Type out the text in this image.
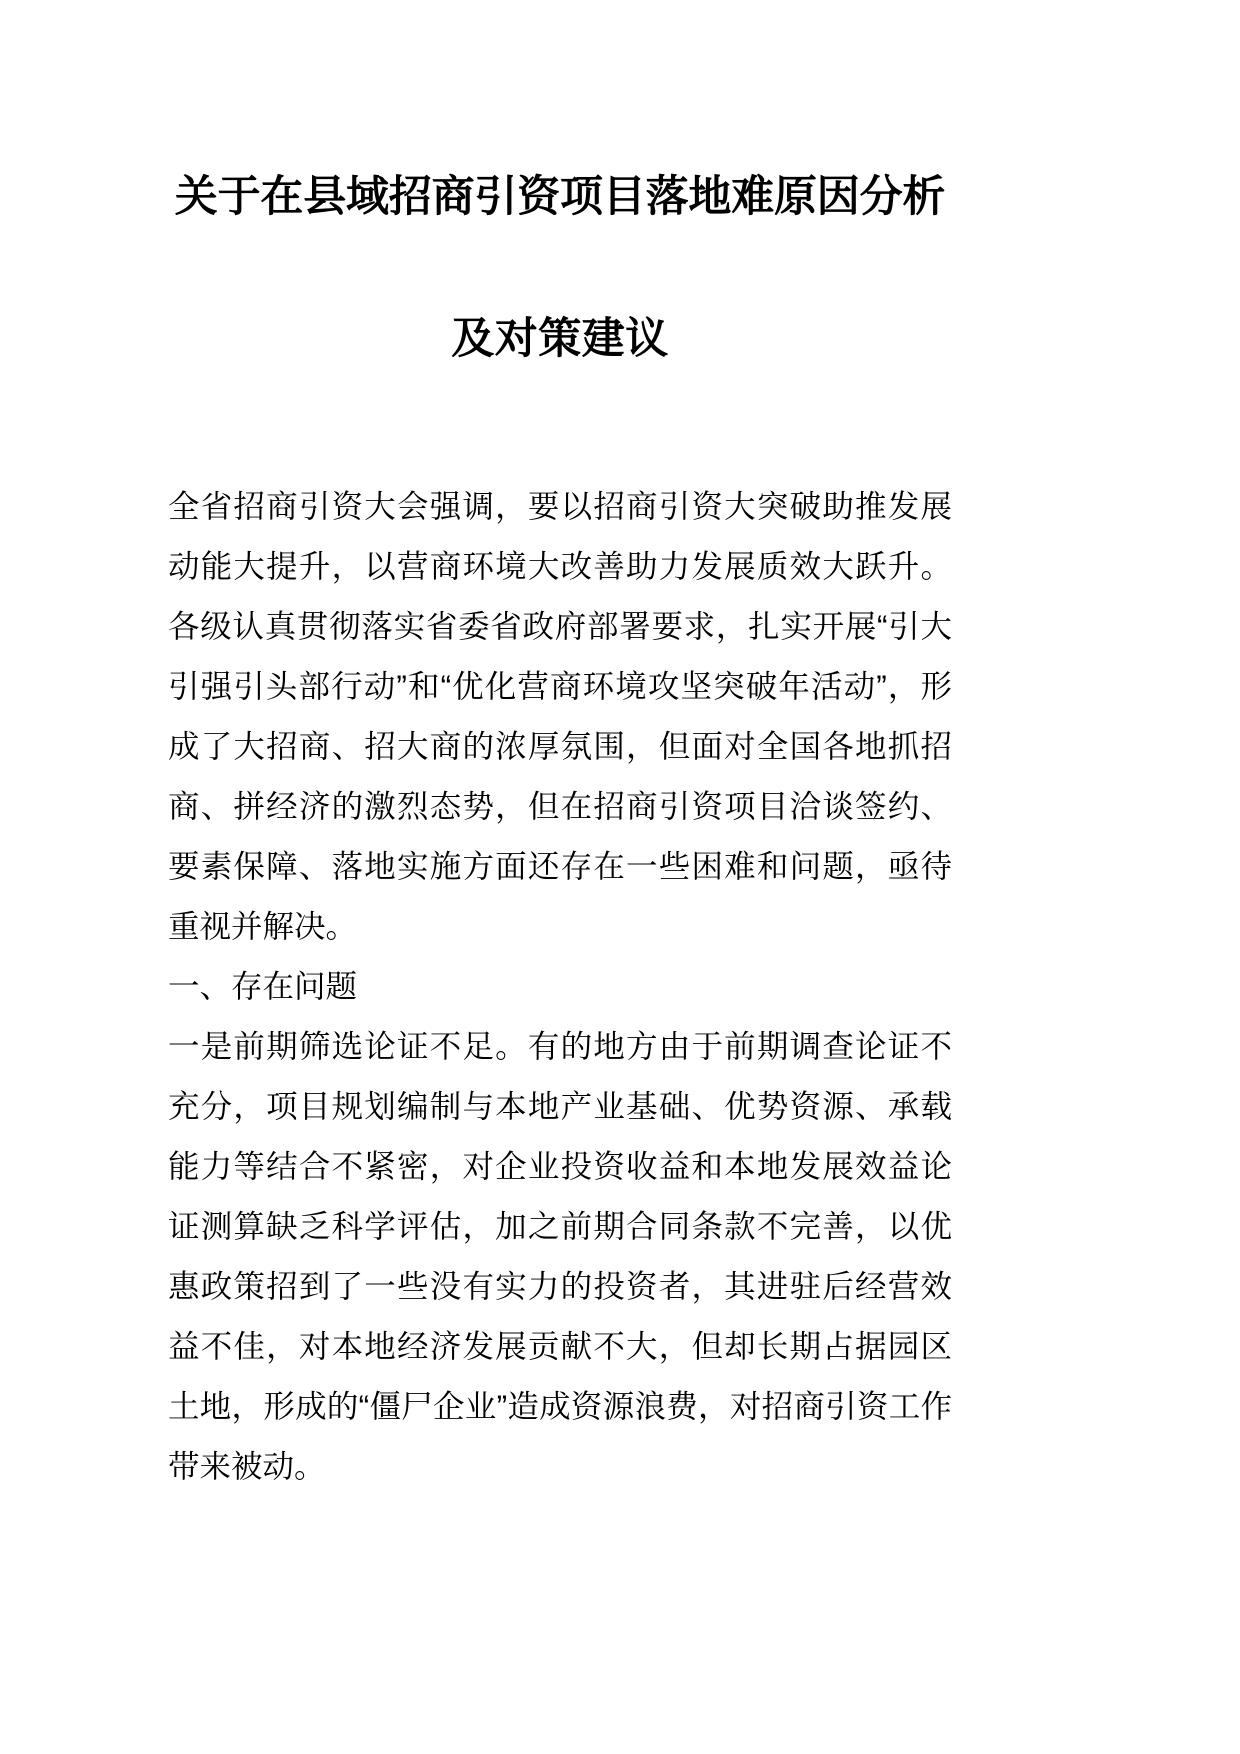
关于在县域招商引资项目落地难原因分析
及对策建议

全省招商引资大会强调，要以招商引资大突破助推发展动能大提升，以营商环境大改善助力发展质效大跃升。各级认真贯彻落实省委省政府部署要求，扎实开展“引大引强引头部行动”和“优化营商环境攻坚突破年活动”，形成了大招商、招大商的浓厚氛围，但面对全国各地抓招商、拼经济的激烈态势，但在招商引资项目洽谈签约、要素保障、落地实施方面还存在一些困难和问题，亟待重视并解决。

一、存在问题

一是前期筛选论证不足。有的地方由于前期调查论证不充分，项目规划编制与本地产业基础、优势资源、承载能力等结合不紧密，对企业投资收益和本地发展效益论证测算缺乏科学评估，加之前期合同条款不完善，以优惠政策招到了一些没有实力的投资者，其进驻后经营效益不佳，对本地经济发展贡献不大，但却长期占据园区土地，形成的“僵尸企业”造成资源浪费，对招商引资工作带来被动。
